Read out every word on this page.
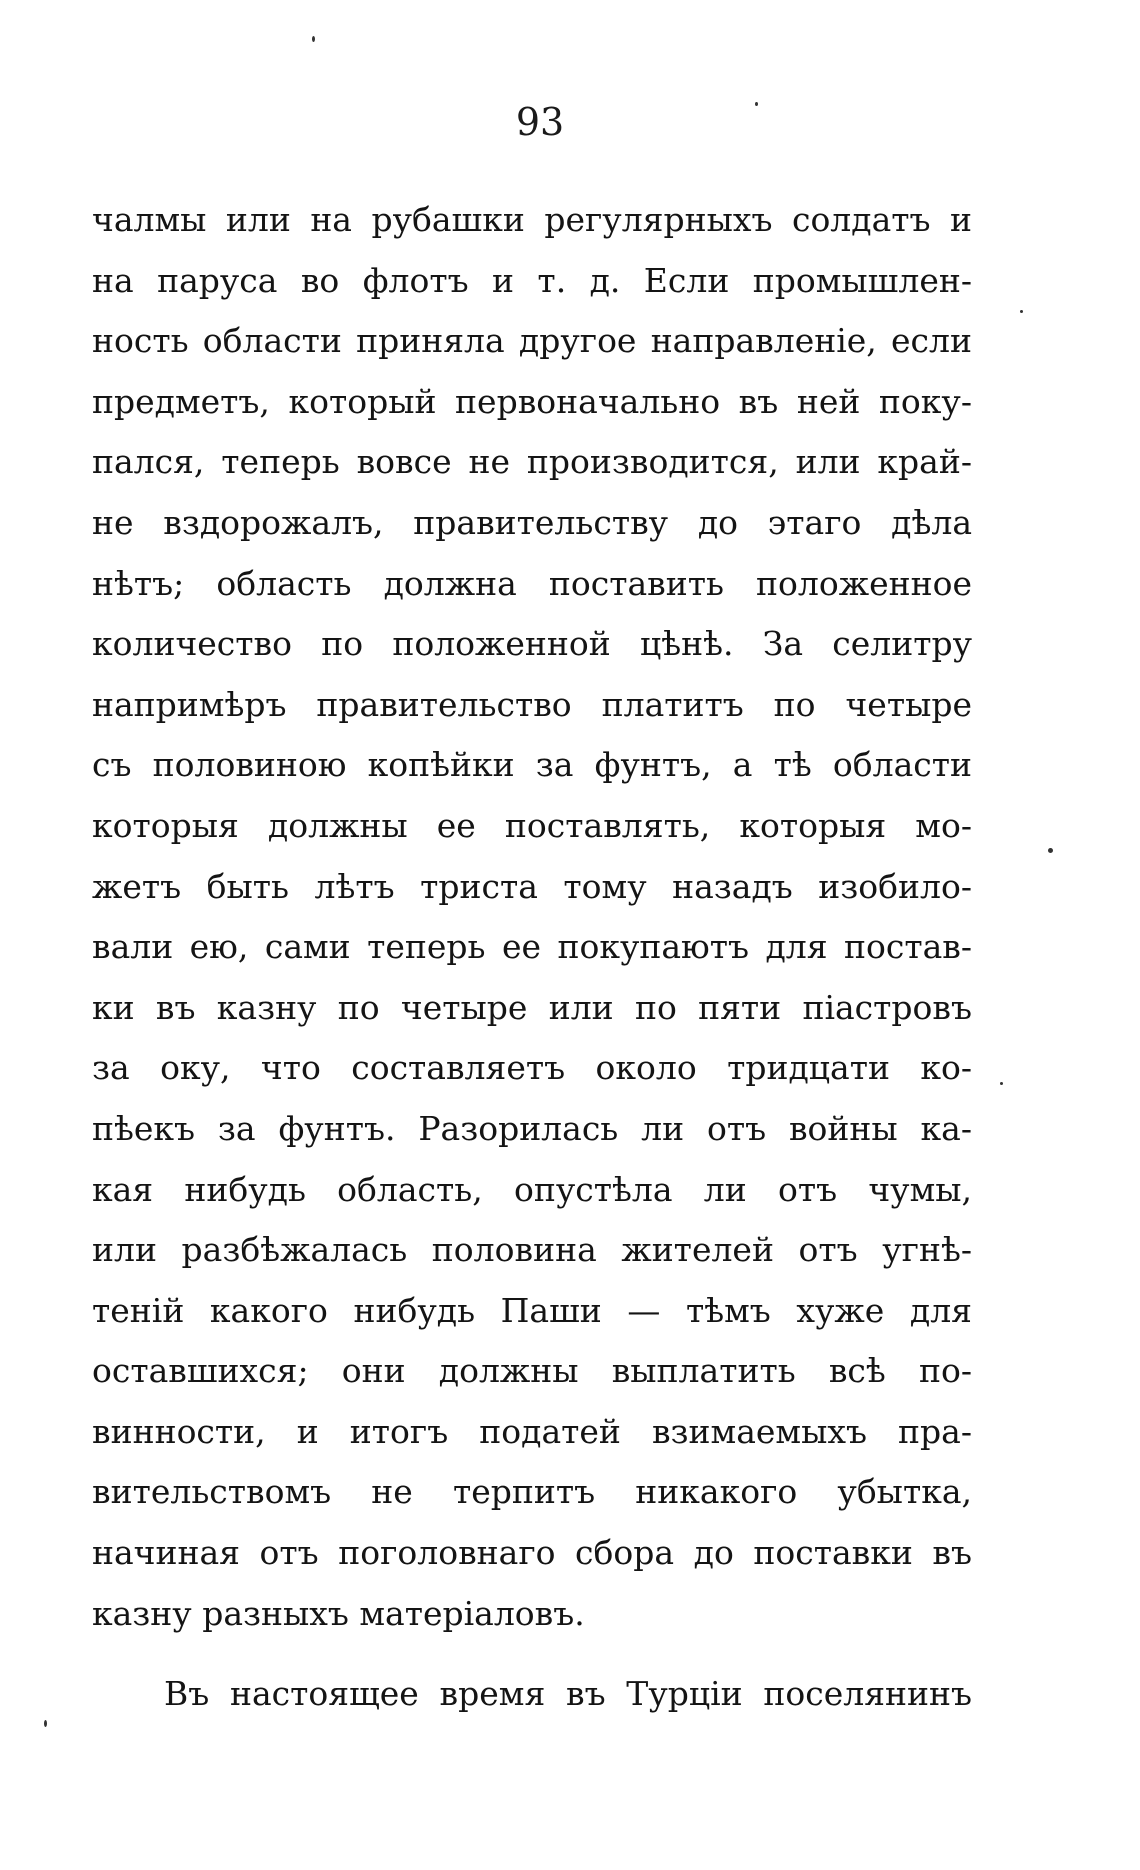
93
чалмы или на рубашки регулярныхъ солдатъ и
на паруса во флотъ и т. д. Если промышлен-
ность области приняла другое направленіе, если
предметъ, который первоначально въ ней поку-
пался, теперь вовсе не производится, или край-
не вздорожалъ, правительству до этаго дѣла
нѣтъ; область должна поставить положенное
количество по положенной цѣнѣ. За селитру
напримѣръ правительство платитъ по четыре
съ половиною копѣйки за фунтъ, а тѣ области
которыя должны ее поставлять, которыя мо-
жетъ быть лѣтъ триста тому назадъ изобило-
вали ею, сами теперь ее покупаютъ для постав-
ки въ казну по четыре или по пяти піастровъ
за оку, что составляетъ около тридцати ко-
пѣекъ за фунтъ. Разорилась ли отъ войны ка-
кая нибудь область, опустѣла ли отъ чумы,
или разбѣжалась половина жителей отъ угнѣ-
теній какого нибудь Паши — тѣмъ хуже для
оставшихся; они должны выплатить всѣ по-
винности, и итогъ податей взимаемыхъ пра-
вительствомъ не терпитъ никакого убытка,
начиная отъ поголовнаго сбора до поставки въ
казну разныхъ матеріаловъ.
Въ настоящее время въ Турціи поселянинъ
